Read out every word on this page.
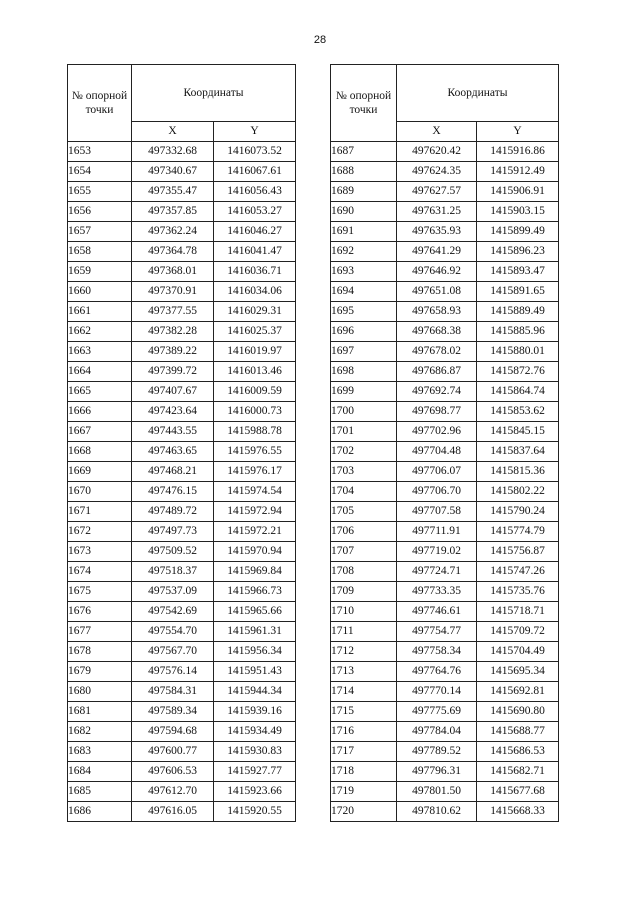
28
№ опорной точки	Координаты	
	X	Y
1653	497332.68	1416073.52
1654	497340.67	1416067.61
1655	497355.47	1416056.43
1656	497357.85	1416053.27
1657	497362.24	1416046.27
1658	497364.78	1416041.47
1659	497368.01	1416036.71
1660	497370.91	1416034.06
1661	497377.55	1416029.31
1662	497382.28	1416025.37
1663	497389.22	1416019.97
1664	497399.72	1416013.46
1665	497407.67	1416009.59
1666	497423.64	1416000.73
1667	497443.55	1415988.78
1668	497463.65	1415976.55
1669	497468.21	1415976.17
1670	497476.15	1415974.54
1671	497489.72	1415972.94
1672	497497.73	1415972.21
1673	497509.52	1415970.94
1674	497518.37	1415969.84
1675	497537.09	1415966.73
1676	497542.69	1415965.66
1677	497554.70	1415961.31
1678	497567.70	1415956.34
1679	497576.14	1415951.43
1680	497584.31	1415944.34
1681	497589.34	1415939.16
1682	497594.68	1415934.49
1683	497600.77	1415930.83
1684	497606.53	1415927.77
1685	497612.70	1415923.66
1686	497616.05	1415920.55
№ опорной точки	Координаты	
	X	Y
1687	497620.42	1415916.86
1688	497624.35	1415912.49
1689	497627.57	1415906.91
1690	497631.25	1415903.15
1691	497635.93	1415899.49
1692	497641.29	1415896.23
1693	497646.92	1415893.47
1694	497651.08	1415891.65
1695	497658.93	1415889.49
1696	497668.38	1415885.96
1697	497678.02	1415880.01
1698	497686.87	1415872.76
1699	497692.74	1415864.74
1700	497698.77	1415853.62
1701	497702.96	1415845.15
1702	497704.48	1415837.64
1703	497706.07	1415815.36
1704	497706.70	1415802.22
1705	497707.58	1415790.24
1706	497711.91	1415774.79
1707	497719.02	1415756.87
1708	497724.71	1415747.26
1709	497733.35	1415735.76
1710	497746.61	1415718.71
1711	497754.77	1415709.72
1712	497758.34	1415704.49
1713	497764.76	1415695.34
1714	497770.14	1415692.81
1715	497775.69	1415690.80
1716	497784.04	1415688.77
1717	497789.52	1415686.53
1718	497796.31	1415682.71
1719	497801.50	1415677.68
1720	497810.62	1415668.33
